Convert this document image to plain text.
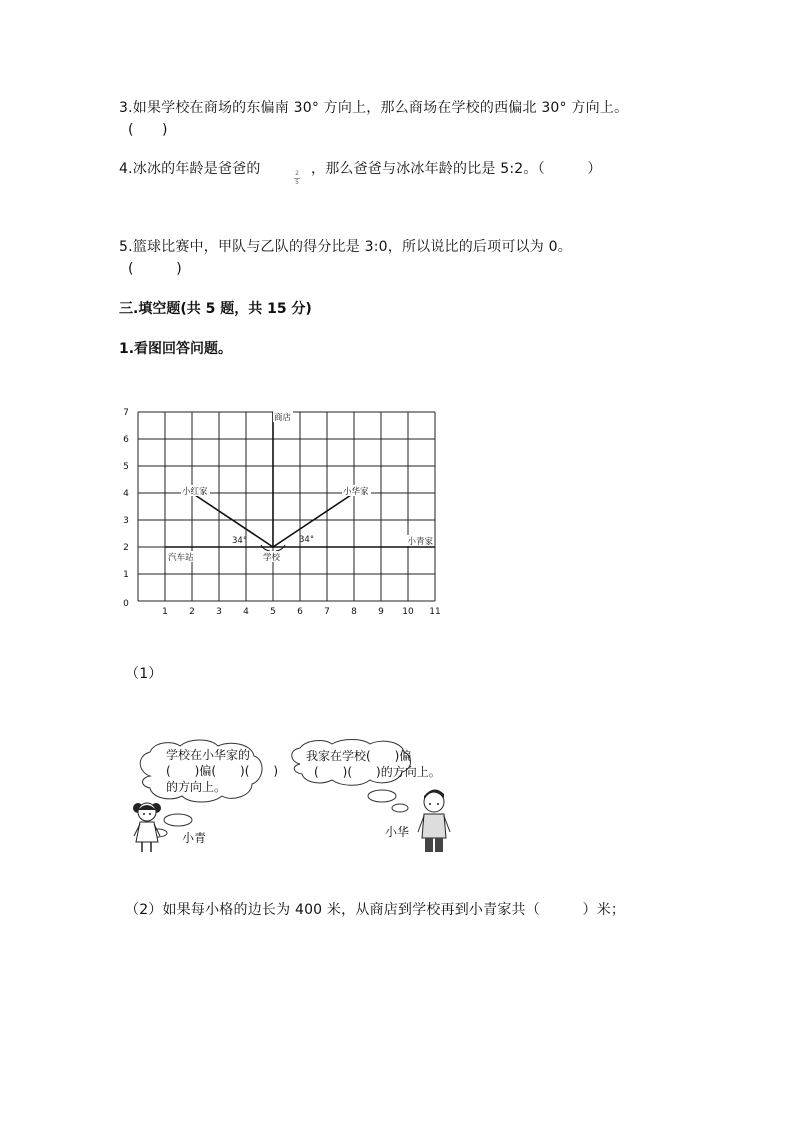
3.如果学校在商场的东偏南 30° 方向上，那么商场在学校的西偏北 30° 方向上。
(　　)
4.冰冰的年龄是爸爸的	2
5
，那么爸爸与冰冰年龄的比是 5:2。（　　　）
5.篮球比赛中，甲队与乙队的得分比是 3:0，所以说比的后项可以为 0。
(　　　)
三.填空题(共 5 题，共 15 分)
1.看图回答问题。
1 2 3 4 5 6 7 8 9 10 11
0
1
2
3
4
5
6
7
商店
小红家	小华家
小青家
汽车站	学校
34°	34°
（1）
学校在小华家的
(　　)偏(　　)(　　)
的方向上。
我家在学校(　　)偏
(　　)(　　)的方向上。
小青	小华
（2）如果每小格的边长为 400 米，从商店到学校再到小青家共（　　　）米；
